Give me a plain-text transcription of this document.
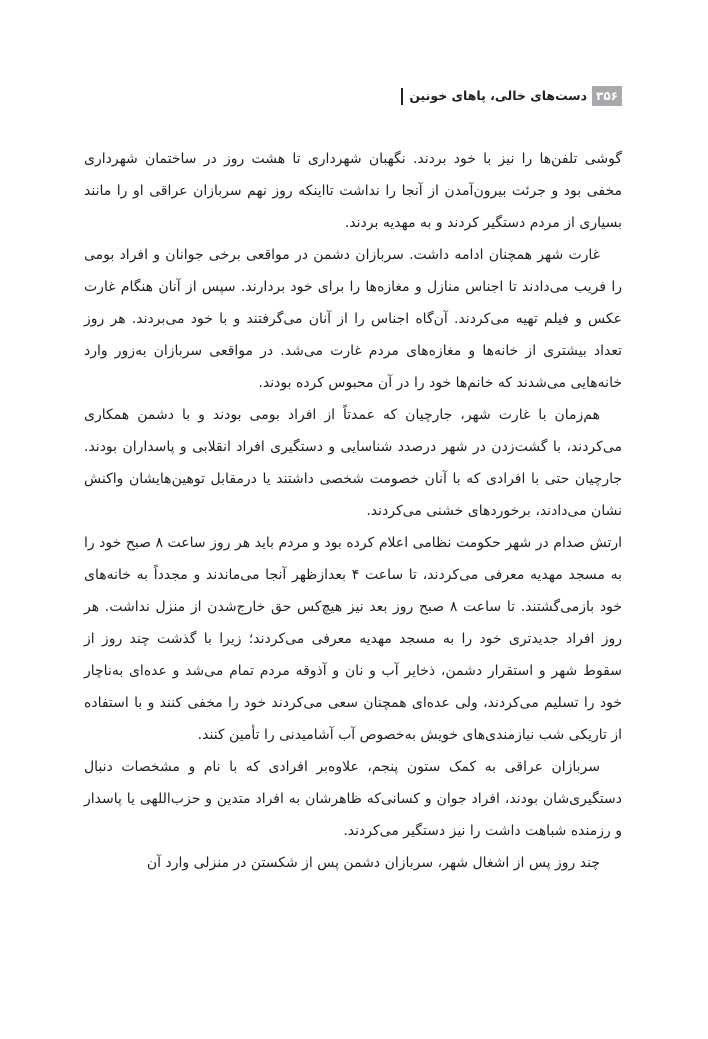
۳۵۶
دست‌های خالی، پاهای خونین

گوشی تلفن‌ها را نیز با خود بردند. نگهبان شهرداری تا هشت روز در ساختمان شهرداری مخفی بود و جرئت بیرون‌آمدن از آنجا را نداشت تااینکه روز نهم سربازان عراقی او را مانند بسیاری از مردم دستگیر کردند و به مهدیه بردند.

غارت شهر همچنان ادامه داشت. سربازان دشمن در مواقعی برخی جوانان و افراد بومی را فریب می‌دادند تا اجناس منازل و مغازه‌ها را برای خود بردارند. سپس از آنان هنگام غارت عکس و فیلم تهیه می‌کردند. آن‌گاه اجناس را از آنان می‌گرفتند و با خود می‌بردند. هر روز تعداد بیشتری از خانه‌ها و مغازه‌های مردم غارت می‌شد. در مواقعی سربازان به‌زور وارد خانه‌هایی می‌شدند که خانم‌ها خود را در آن محبوس کرده بودند.

هم‌زمان با غارت شهر، جارچیان که عمدتاً از افراد بومی بودند و با دشمن همکاری می‌کردند، با گشت‌زدن در شهر درصدد شناسایی و دستگیری افراد انقلابی و پاسداران بودند. جارچیان حتی با افرادی که با آنان خصومت شخصی داشتند یا درمقابل توهین‌هایشان واکنش نشان می‌دادند، برخوردهای خشنی می‌کردند.

ارتش صدام در شهر حکومت نظامی اعلام کرده بود و مردم باید هر روز ساعت ۸ صبح خود را به مسجد مهدیه معرفی می‌کردند، تا ساعت ۴ بعدازظهر آنجا می‌ماندند و مجدداً به خانه‌های خود بازمی‌گشتند. تا ساعت ۸ صبح روز بعد نیز هیچ‌کس حق خارج‌شدن از منزل نداشت. هر روز افراد جدیدتری خود را به مسجد مهدیه معرفی می‌کردند؛ زیرا با گذشت چند روز از سقوط شهر و استقرار دشمن، ذخایر آب و نان و آذوقه مردم تمام می‌شد و عده‌ای به‌ناچار خود را تسلیم می‌کردند، ولی عده‌ای همچنان سعی می‌کردند خود را مخفی کنند و با استفاده از تاریکی شب نیازمندی‌های خویش به‌خصوص آب آشامیدنی را تأمین کنند.

سربازان عراقی به کمک ستون پنجم، علاوه‌بر افرادی که با نام و مشخصات دنبال دستگیری‌شان بودند، افراد جوان و کسانی‌که ظاهرشان به افراد متدین و حزب‌اللهی یا پاسدار و رزمنده شباهت داشت را نیز دستگیر می‌کردند.

چند روز پس از اشغال شهر، سربازان دشمن پس از شکستن در منزلی وارد آن
